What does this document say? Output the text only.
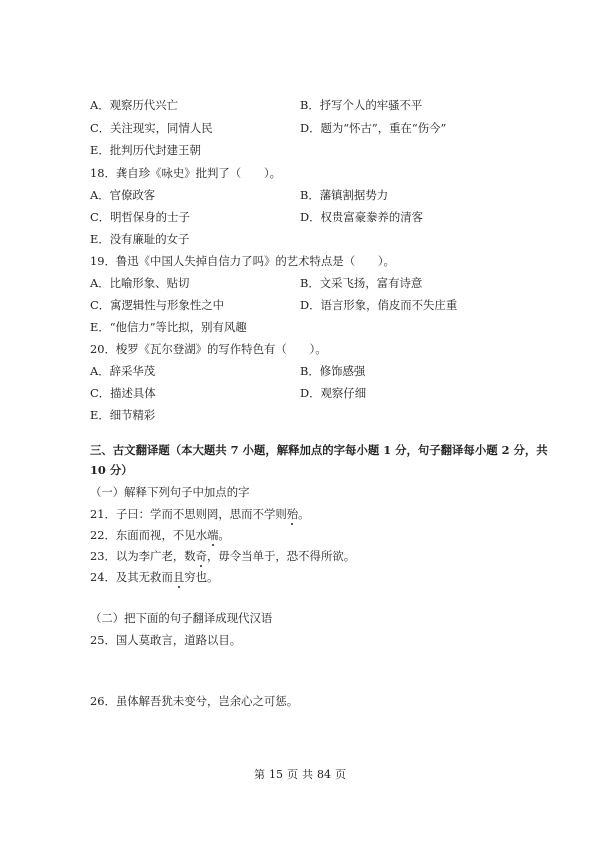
A．观察历代兴亡	B．抒写个人的牢骚不平
C．关注现实，同情人民	D．题为“怀古”，重在“伤今”
E．批判历代封建王朝
18．龚自珍《咏史》批判了（　　）。
A．官僚政客	B．藩镇割据势力
C．明哲保身的士子	D．权贵富豪豢养的清客
E．没有廉耻的女子
19．鲁迅《中国人失掉自信力了吗》的艺术特点是（　　）。
A．比喻形象、贴切	B．文采飞扬，富有诗意
C．寓逻辑性与形象性之中	D．语言形象，俏皮而不失庄重
E．“他信力”等比拟，别有风趣
20．梭罗《瓦尔登湖》的写作特色有（　　）。
A．辞采华茂	B．修饰感强
C．描述具体	D．观察仔细
E．细节精彩
三、古文翻译题（本大题共 7 小题，解释加点的字每小题 1 分，句子翻译每小题 2 分，共
10 分）
（一）解释下列句子中加点的字
21．子曰：学而不思则罔，思而不学则殆。
22．东面而视，不见水端。
23．以为李广老，数奇，毋令当单于，恐不得所欲。
24．及其无救而且穷也。
（二）把下面的句子翻译成现代汉语
25．国人莫敢言，道路以目。
26．虽体解吾犹未变兮，岂余心之可惩。
第 15 页 共 84 页
